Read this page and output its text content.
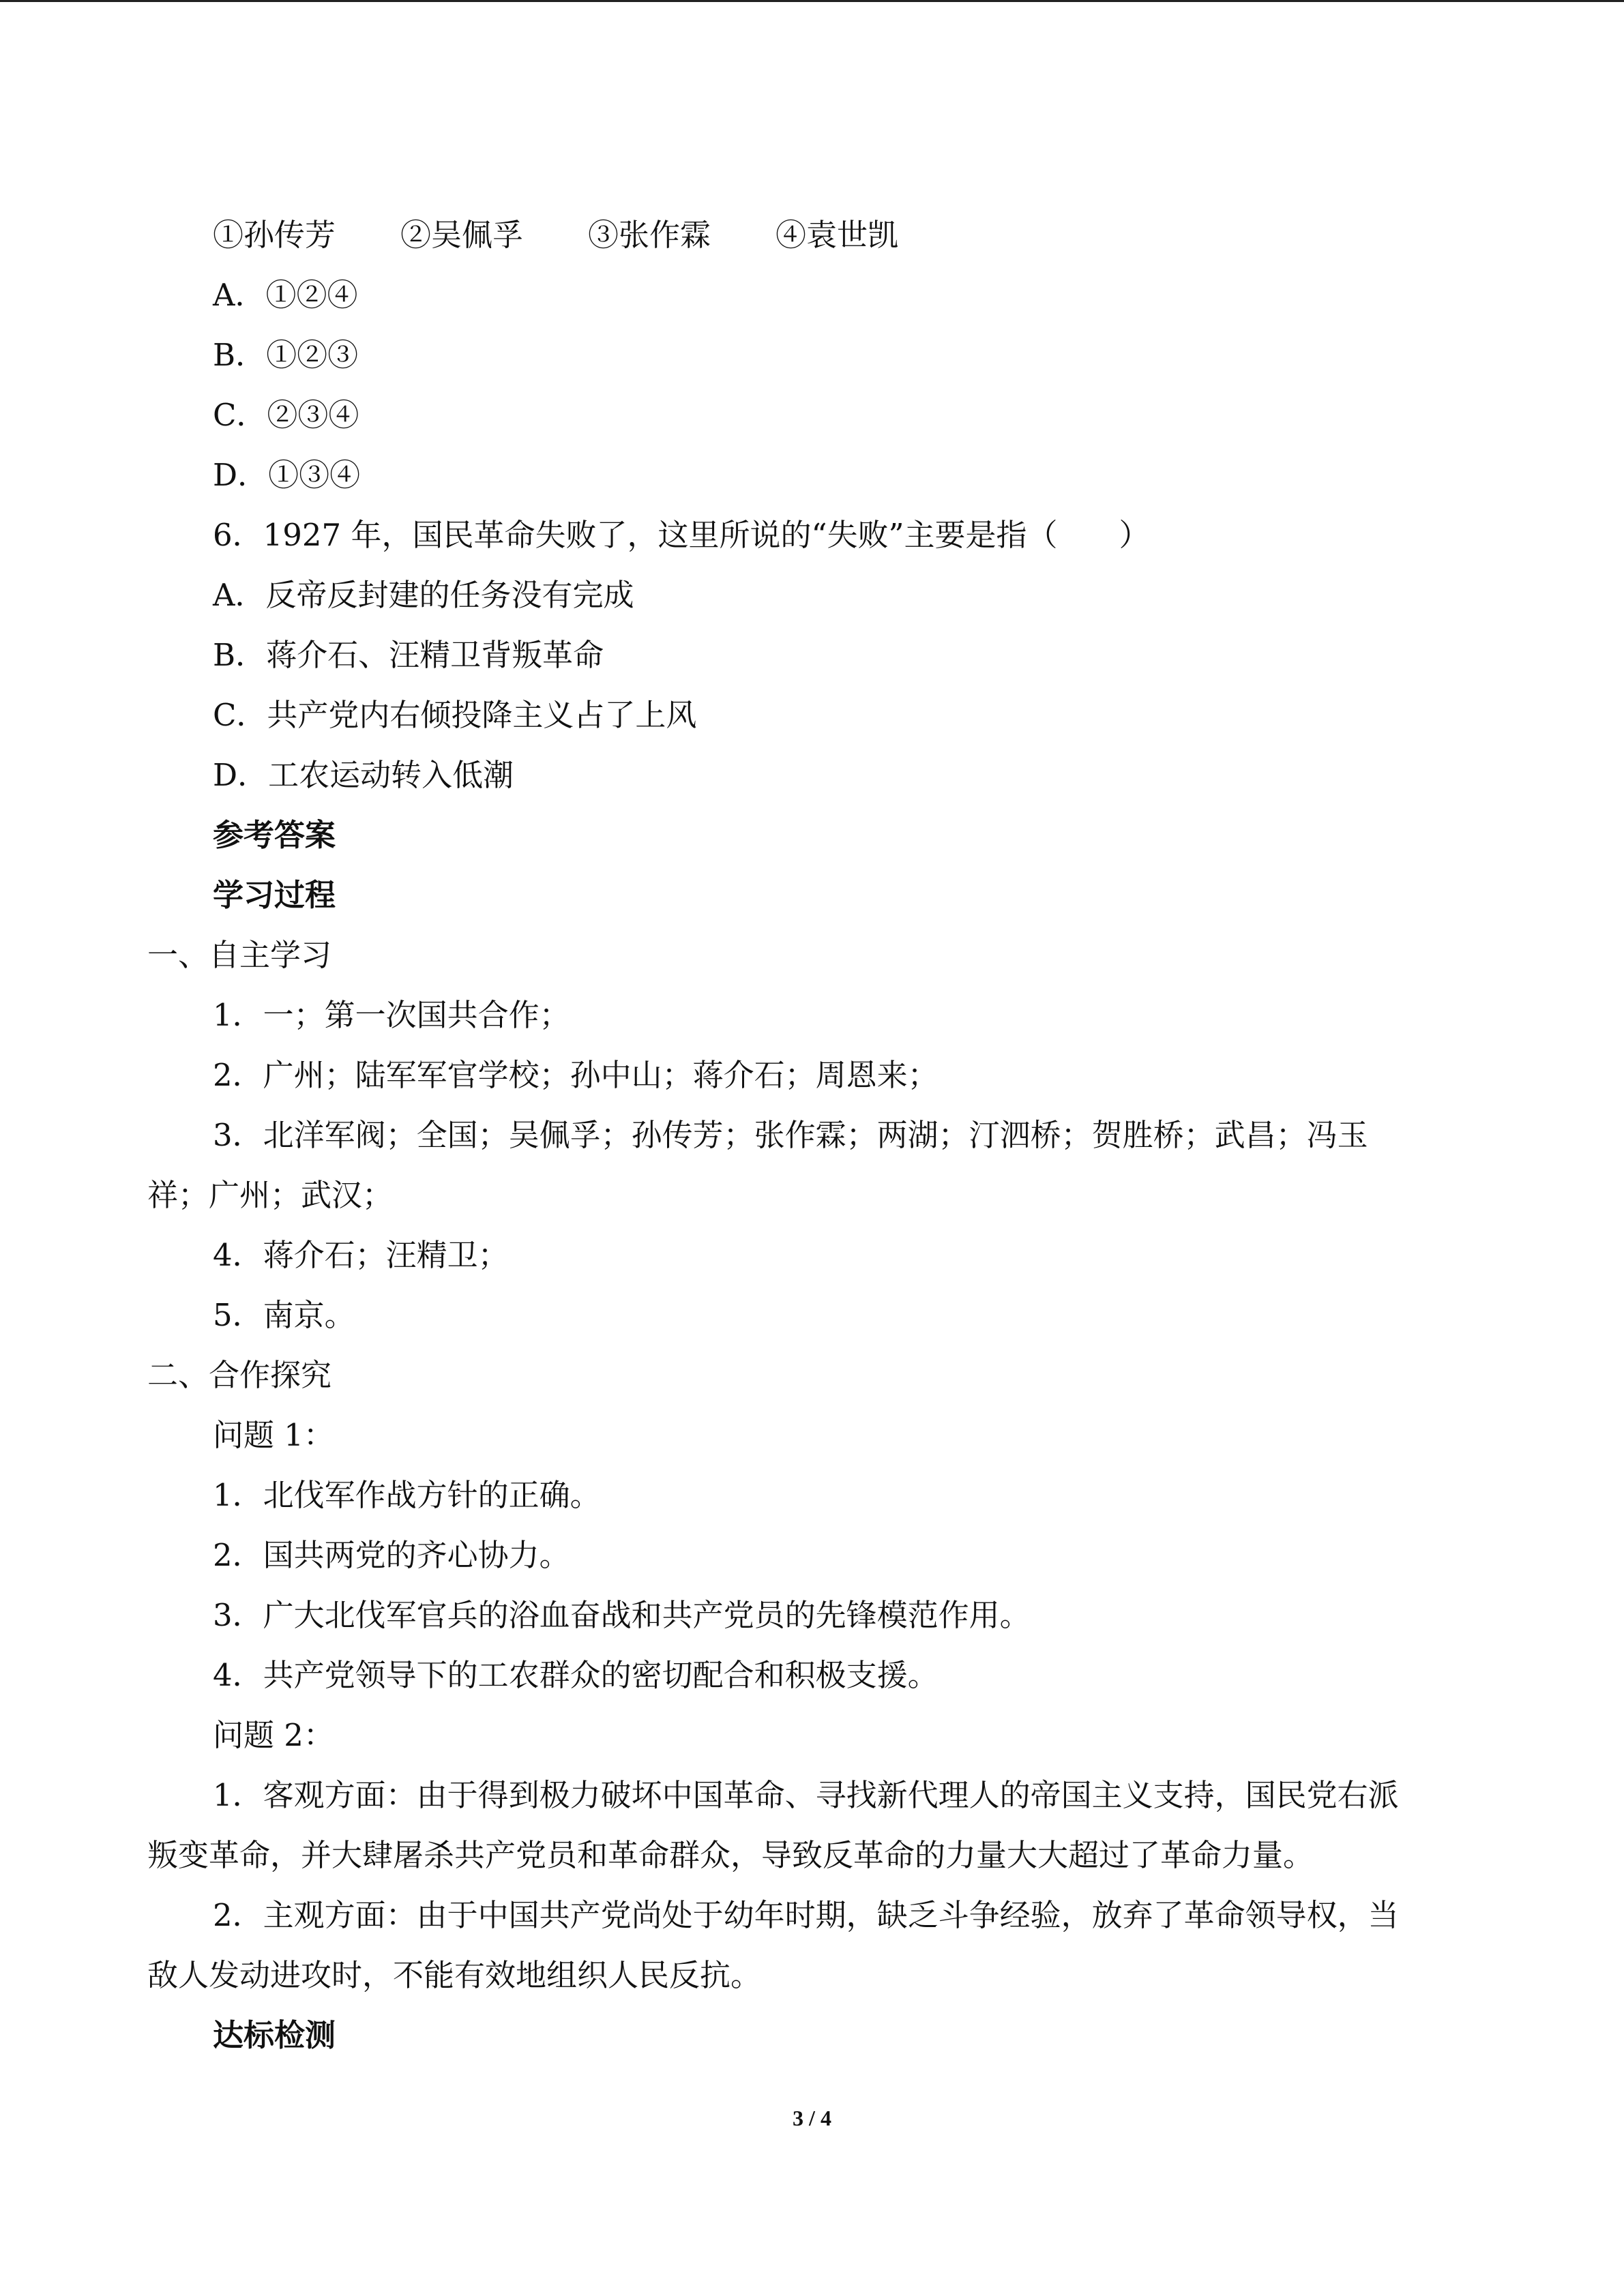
①孙传芳 ②吴佩孚 ③张作霖 ④袁世凯
A．①②④
B．①②③
C．②③④
D．①③④
6．1927 年，国民革命失败了，这里所说的“失败”主要是指（　　）
A．反帝反封建的任务没有完成
B．蒋介石、汪精卫背叛革命
C．共产党内右倾投降主义占了上风
D．工农运动转入低潮
参考答案
学习过程
一、自主学习
1．一；第一次国共合作；
2．广州；陆军军官学校；孙中山；蒋介石；周恩来；
3．北洋军阀；全国；吴佩孚；孙传芳；张作霖；两湖；汀泗桥；贺胜桥；武昌；冯玉
祥；广州；武汉；
4．蒋介石；汪精卫；
5．南京。
二、合作探究
问题 1：
1．北伐军作战方针的正确。
2．国共两党的齐心协力。
3．广大北伐军官兵的浴血奋战和共产党员的先锋模范作用。
4．共产党领导下的工农群众的密切配合和积极支援。
问题 2：
1．客观方面：由于得到极力破坏中国革命、寻找新代理人的帝国主义支持，国民党右派
叛变革命，并大肆屠杀共产党员和革命群众，导致反革命的力量大大超过了革命力量。
2．主观方面：由于中国共产党尚处于幼年时期，缺乏斗争经验，放弃了革命领导权，当
敌人发动进攻时，不能有效地组织人民反抗。
达标检测
3 / 4
